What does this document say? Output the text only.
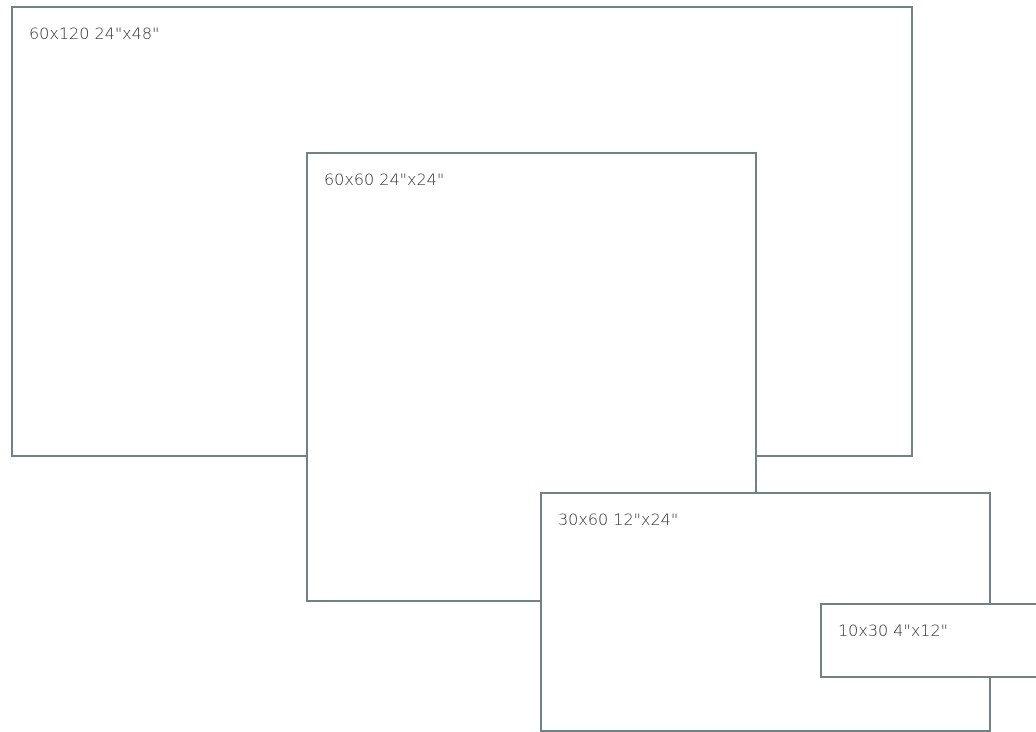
60x120 24"x48"
60x60 24"x24"
30x60 12"x24"
10x30 4"x12"
